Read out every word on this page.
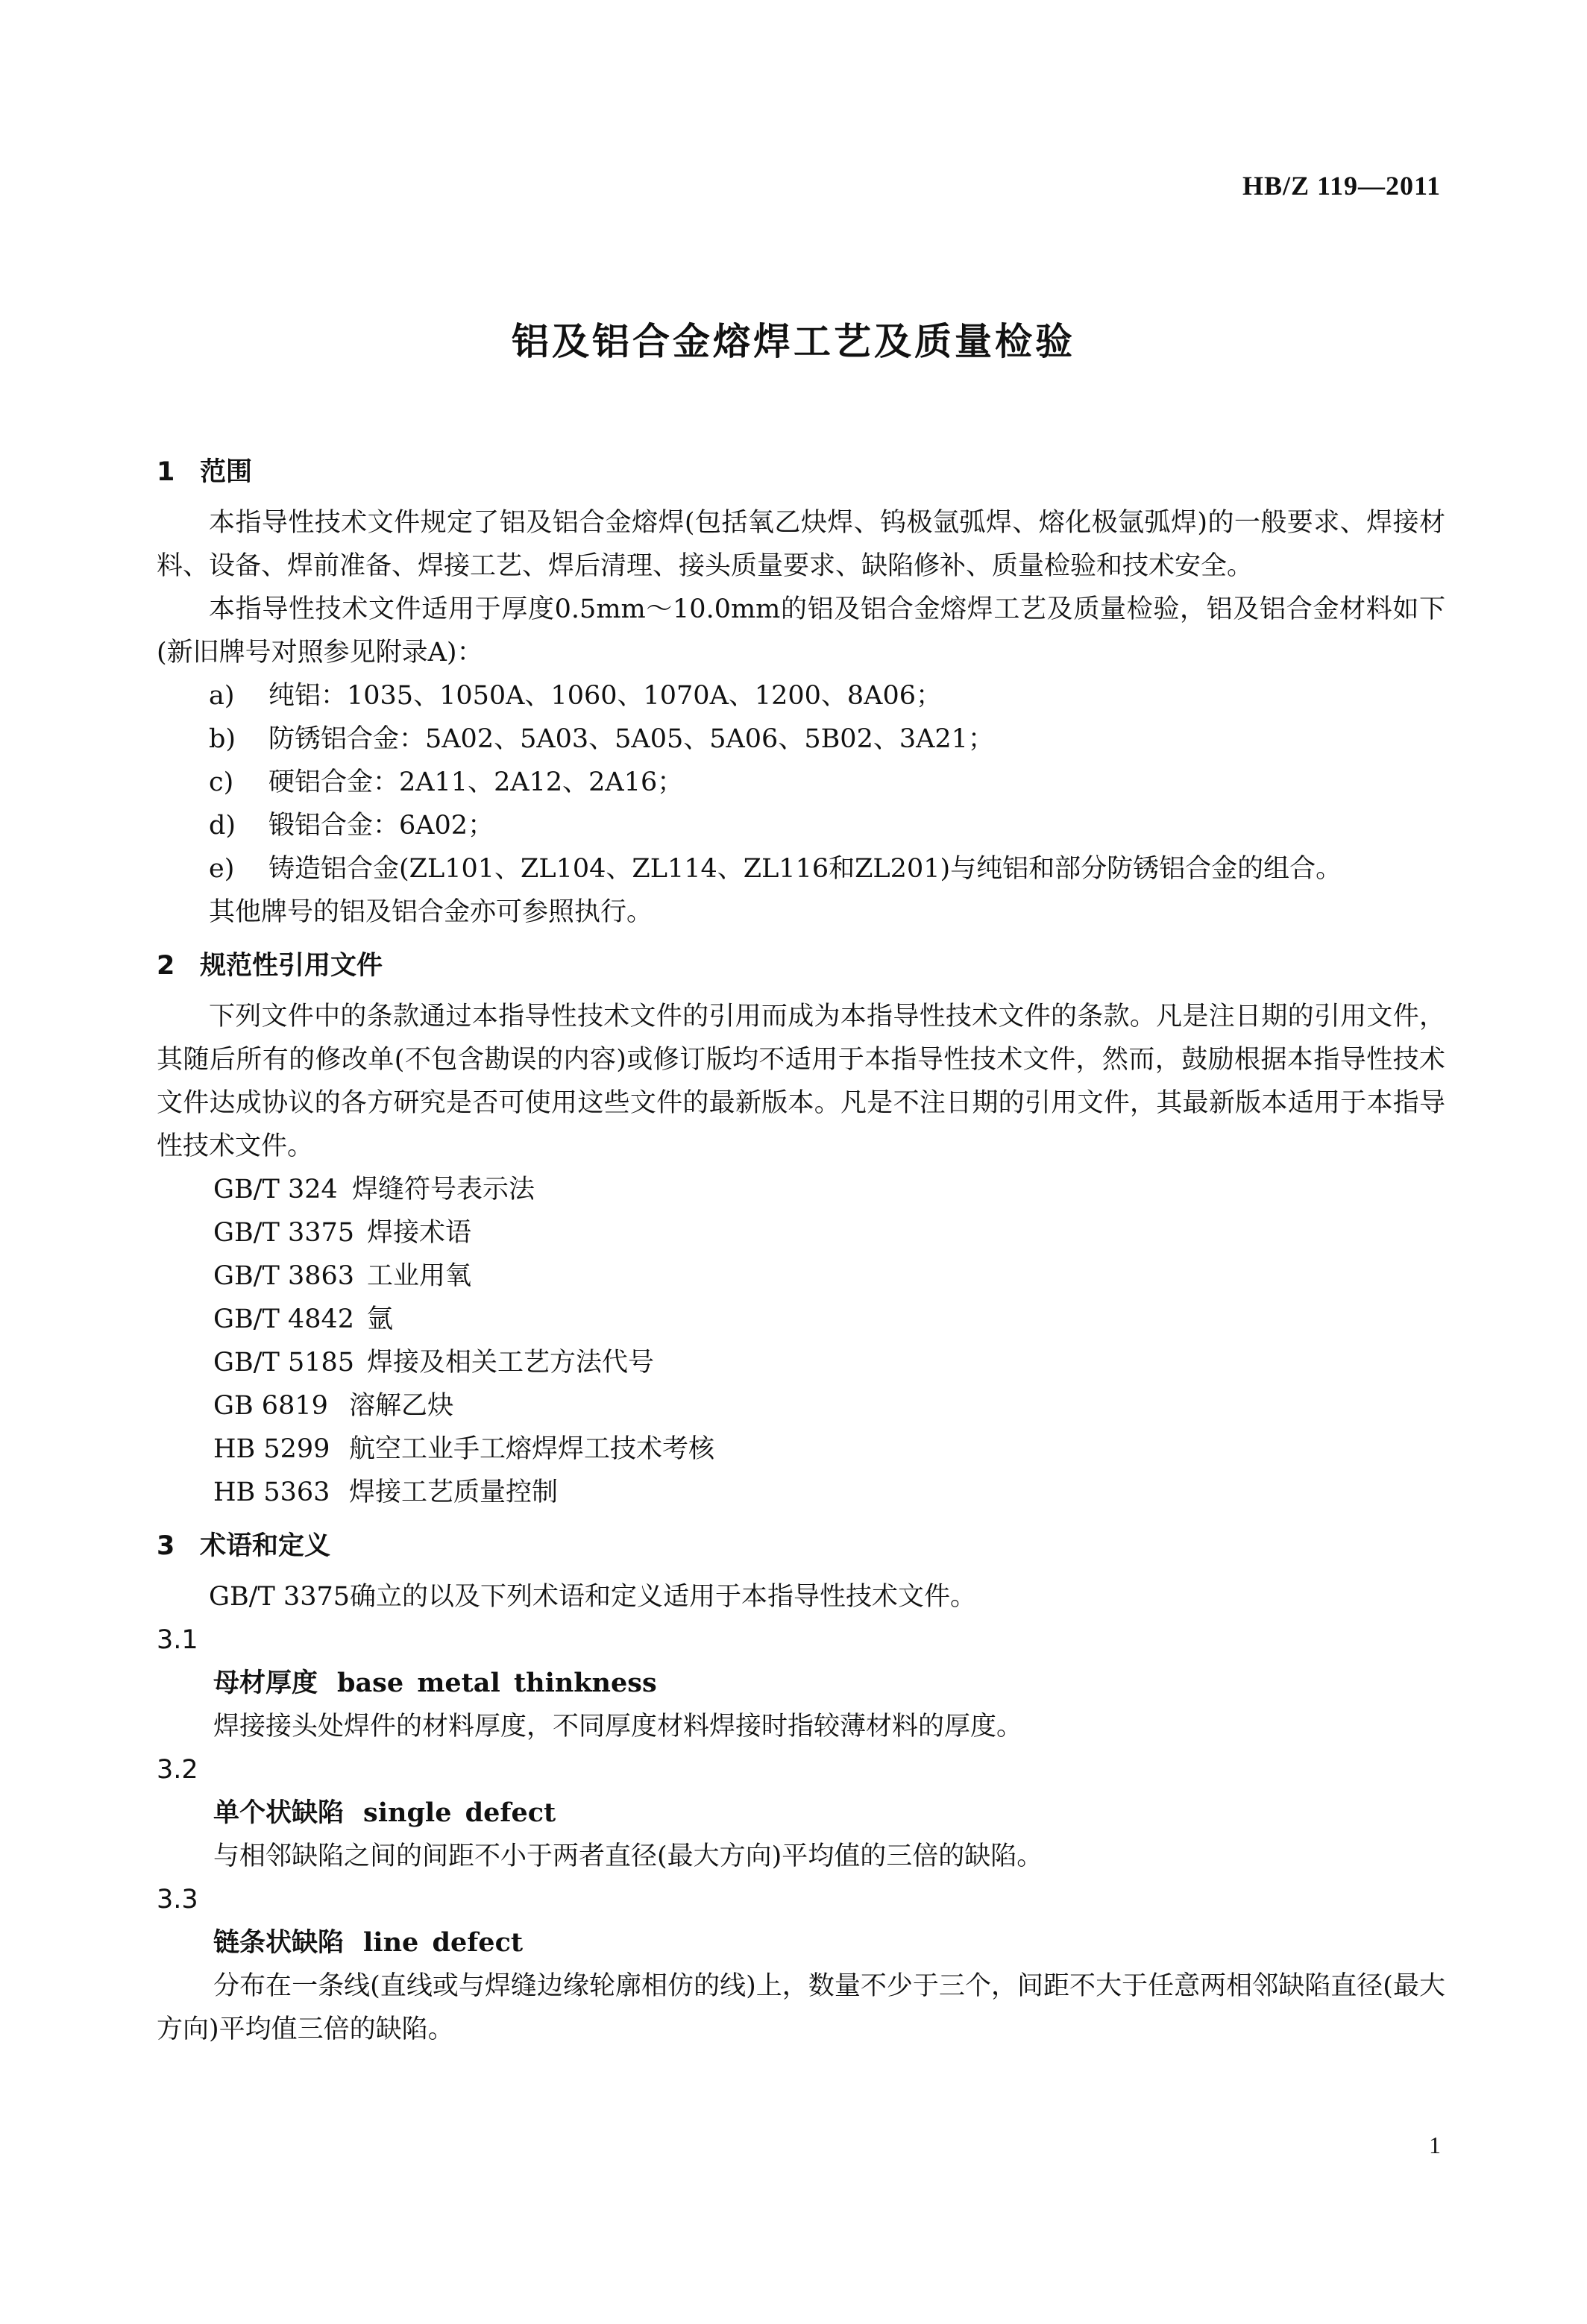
HB/Z 119—2011
铝及铝合金熔焊工艺及质量检验
1 范围
本指导性技术文件规定了铝及铝合金熔焊(包括氧乙炔焊、钨极氩弧焊、熔化极氩弧焊)的一般要求、焊接材料、设备、焊前准备、焊接工艺、焊后清理、接头质量要求、缺陷修补、质量检验和技术安全。
本指导性技术文件适用于厚度0.5mm～10.0mm的铝及铝合金熔焊工艺及质量检验，铝及铝合金材料如下(新旧牌号对照参见附录A)：
a) 纯铝：1035、1050A、1060、1070A、1200、8A06；
b) 防锈铝合金：5A02、5A03、5A05、5A06、5B02、3A21；
c) 硬铝合金：2A11、2A12、2A16；
d) 锻铝合金：6A02；
e) 铸造铝合金(ZL101、ZL104、ZL114、ZL116和ZL201)与纯铝和部分防锈铝合金的组合。
其他牌号的铝及铝合金亦可参照执行。
2 规范性引用文件
下列文件中的条款通过本指导性技术文件的引用而成为本指导性技术文件的条款。凡是注日期的引用文件，其随后所有的修改单(不包含勘误的内容)或修订版均不适用于本指导性技术文件，然而，鼓励根据本指导性技术文件达成协议的各方研究是否可使用这些文件的最新版本。凡是不注日期的引用文件，其最新版本适用于本指导性技术文件。
GB/T 324 焊缝符号表示法
GB/T 3375 焊接术语
GB/T 3863 工业用氧
GB/T 4842 氩
GB/T 5185 焊接及相关工艺方法代号
GB 6819 溶解乙炔
HB 5299 航空工业手工熔焊焊工技术考核
HB 5363 焊接工艺质量控制
3 术语和定义
GB/T 3375确立的以及下列术语和定义适用于本指导性技术文件。
3.1
母材厚度 base metal thinkness
焊接接头处焊件的材料厚度，不同厚度材料焊接时指较薄材料的厚度。
3.2
单个状缺陷 single defect
与相邻缺陷之间的间距不小于两者直径(最大方向)平均值的三倍的缺陷。
3.3
链条状缺陷 line defect
分布在一条线(直线或与焊缝边缘轮廓相仿的线)上，数量不少于三个，间距不大于任意两相邻缺陷直径(最大方向)平均值三倍的缺陷。
1
